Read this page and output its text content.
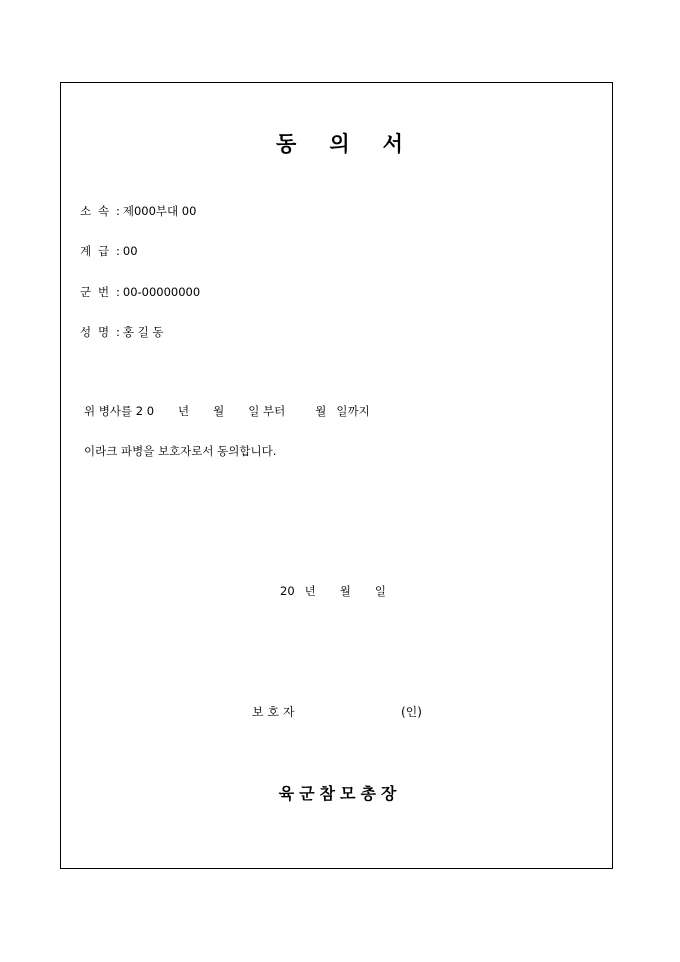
동 의 서
소 속 : 제000부대 00
계 급 : 00
군 번 : 00-00000000
성 명 : 홍 길 동
위 병사를 2 0 년 월 일 부터	월 일까지
이라크 파병을 보호자로서 동의합니다.
20 년 월 일
보 호 자	(인)
육군참모총장
